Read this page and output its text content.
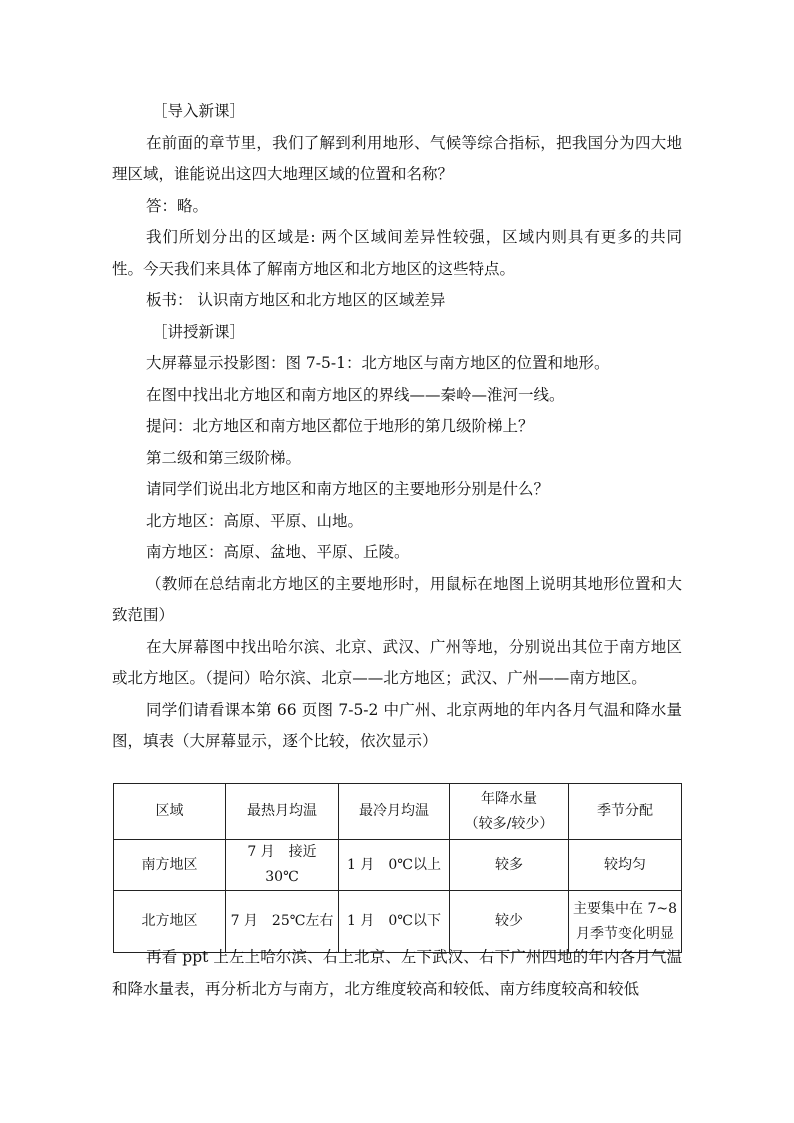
［导入新课］

在前面的章节里，我们了解到利用地形、气候等综合指标，把我国分为四大地理区域，谁能说出这四大地理区域的位置和名称？

答：略。

我们所划分出的区域是: 两个区域间差异性较强，区域内则具有更多的共同性。今天我们来具体了解南方地区和北方地区的这些特点。

板书： 认识南方地区和北方地区的区域差异

［讲授新课］

大屏幕显示投影图：图 7-5-1：北方地区与南方地区的位置和地形。

在图中找出北方地区和南方地区的界线——秦岭—淮河一线。

提问：北方地区和南方地区都位于地形的第几级阶梯上？

第二级和第三级阶梯。

请同学们说出北方地区和南方地区的主要地形分别是什么？

北方地区：高原、平原、山地。

南方地区：高原、盆地、平原、丘陵。

（教师在总结南北方地区的主要地形时，用鼠标在地图上说明其地形位置和大致范围）

在大屏幕图中找出哈尔滨、北京、武汉、广州等地，分别说出其位于南方地区或北方地区。（提问）哈尔滨、北京——北方地区；武汉、广州——南方地区。

同学们请看课本第 66 页图 7-5-2 中广州、北京两地的年内各月气温和降水量图，填表（大屏幕显示，逐个比较，依次显示）

区域	最热月均温	最冷月均温	年降水量
（较多/较少）	季节分配
南方地区	7 月　接近 30℃	1 月　0℃以上	较多	较均匀
北方地区	7 月　25℃左右	1 月　0℃以下	较少	主要集中在 7~8
月季节变化明显

再看 ppt 上左上哈尔滨、右上北京、左下武汉、右下广州四地的年内各月气温和降水量表，再分析北方与南方，北方维度较高和较低、南方纬度较高和较低
